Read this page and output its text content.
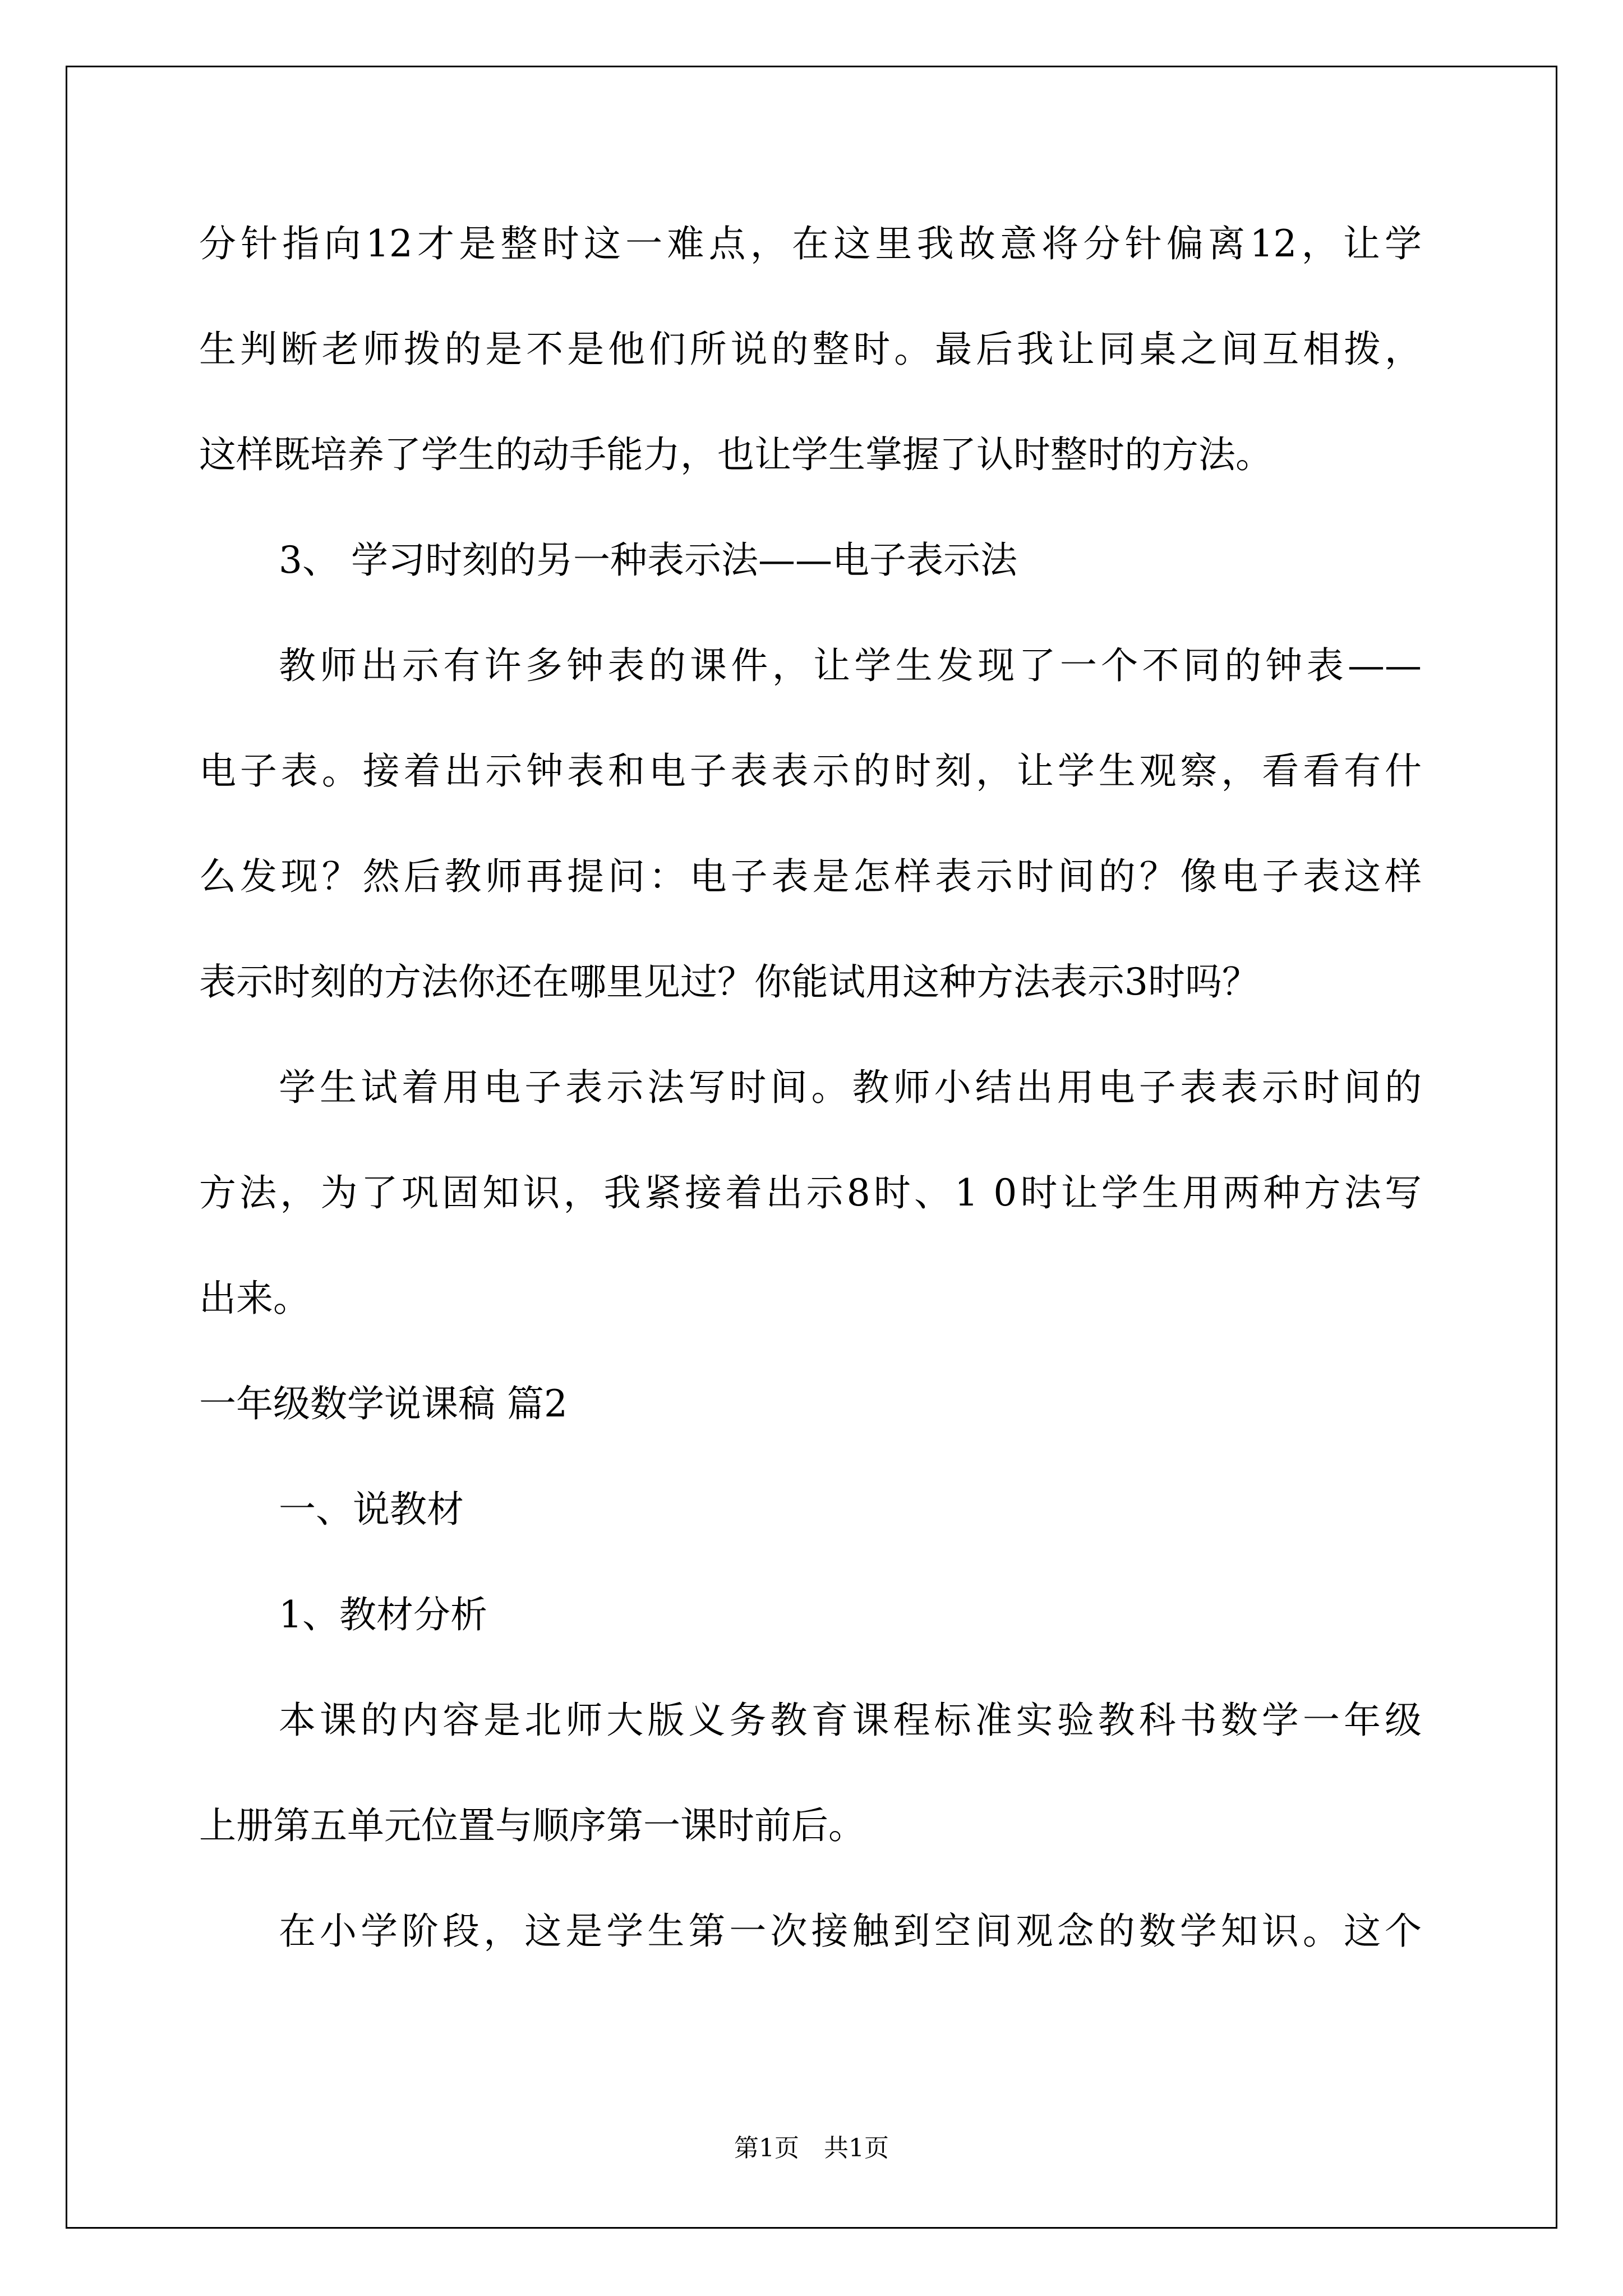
分针指向12才是整时这一难点，在这里我故意将分针偏离12，让学
生判断老师拨的是不是他们所说的整时。最后我让同桌之间互相拨，
这样既培养了学生的动手能力，也让学生掌握了认时整时的方法。
3、 学习时刻的另一种表示法——电子表示法
教师出示有许多钟表的课件，让学生发现了一个不同的钟表——
电子表。接着出示钟表和电子表表示的时刻，让学生观察，看看有什
么发现？然后教师再提问：电子表是怎样表示时间的？像电子表这样
表示时刻的方法你还在哪里见过？你能试用这种方法表示3时吗？
学生试着用电子表示法写时间。教师小结出用电子表表示时间的
方法，为了巩固知识，我紧接着出示8时、1 0时让学生用两种方法写
出来。
一年级数学说课稿 篇2
一、说教材
1、教材分析
本课的内容是北师大版义务教育课程标准实验教科书数学一年级
上册第五单元位置与顺序第一课时前后。
在小学阶段，这是学生第一次接触到空间观念的数学知识。这个
第1页　共1页
